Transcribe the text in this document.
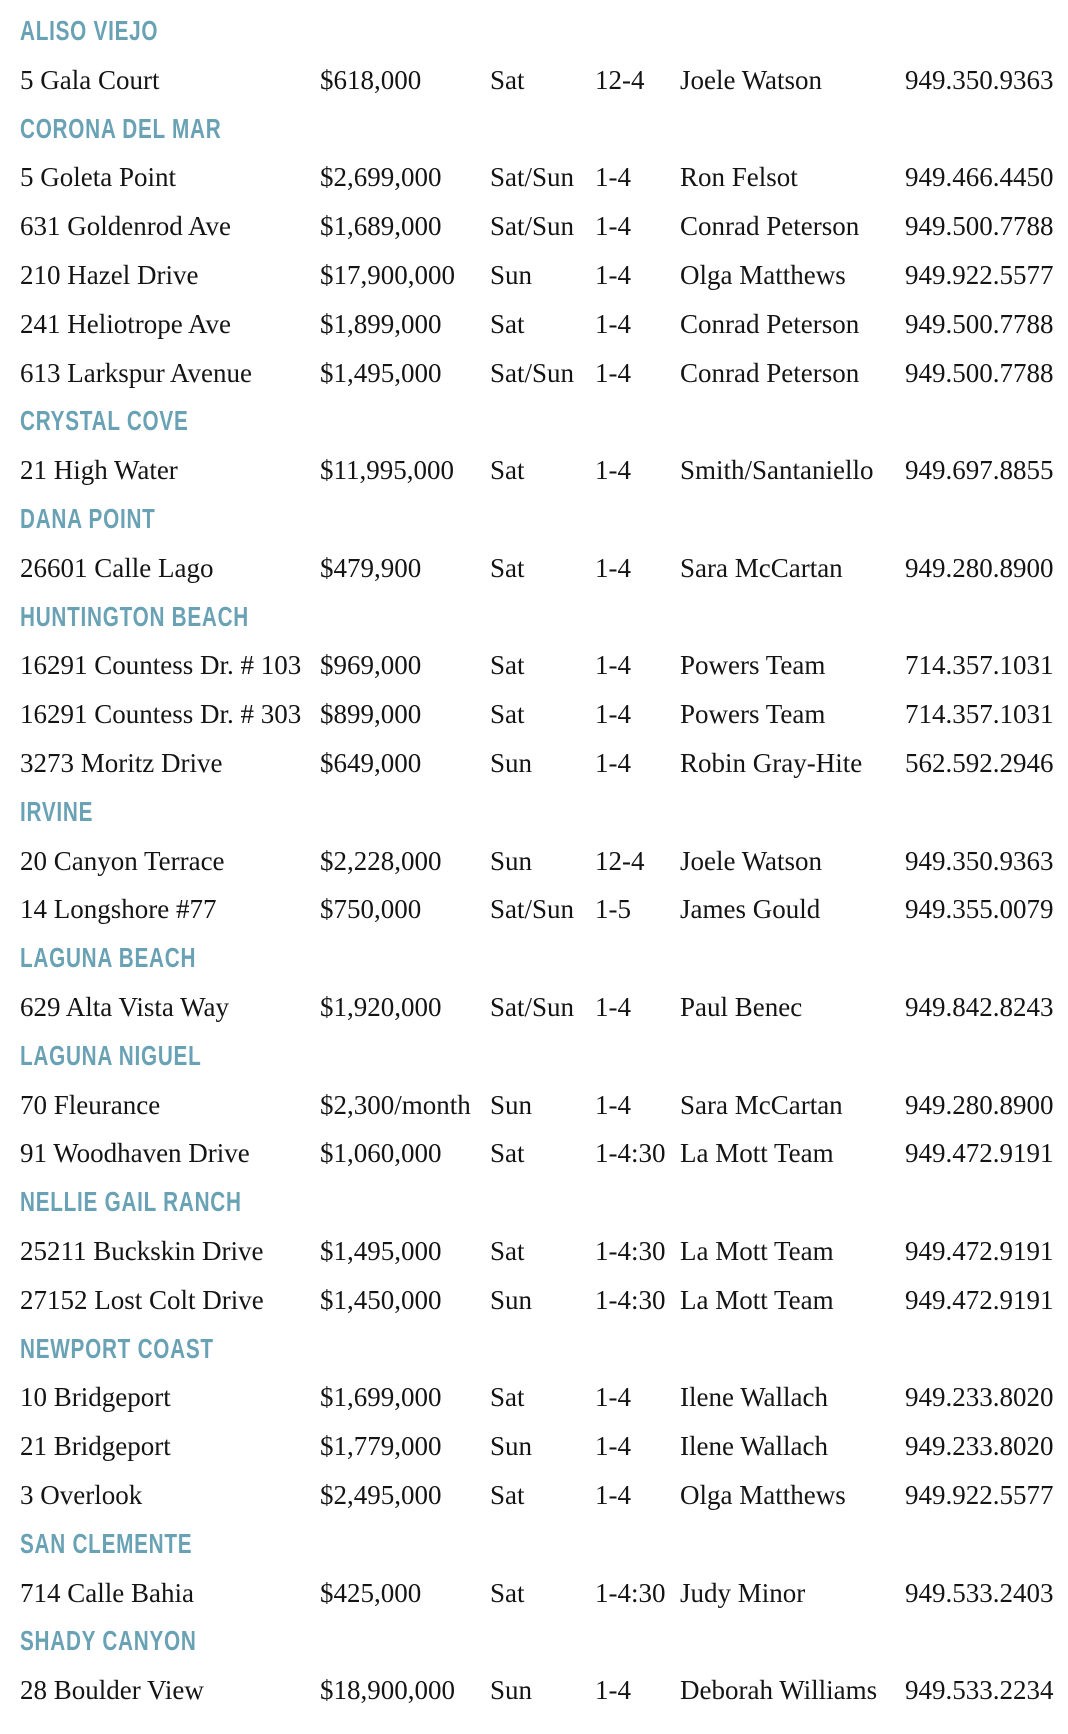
ALISO VIEJO
5 Gala Court	$618,000	Sat	12-4	Joele Watson	949.350.9363
CORONA DEL MAR
5 Goleta Point	$2,699,000	Sat/Sun 1-4	Ron Felsot	949.466.4450
631 Goldenrod Ave	$1,689,000	Sat/Sun 1-4	Conrad Peterson	949.500.7788
210 Hazel Drive	$17,900,000	Sun	1-4	Olga Matthews	949.922.5577
241 Heliotrope Ave	$1,899,000	Sat	1-4	Conrad Peterson	949.500.7788
613 Larkspur Avenue	$1,495,000	Sat/Sun 1-4	Conrad Peterson	949.500.7788
CRYSTAL COVE
21 High Water	$11,995,000	Sat	1-4	Smith/Santaniello	949.697.8855
DANA POINT
26601 Calle Lago	$479,900	Sat	1-4	Sara McCartan	949.280.8900
HUNTINGTON BEACH
16291 Countess Dr. # 103 $969,000	Sat	1-4	Powers Team	714.357.1031
16291 Countess Dr. # 303 $899,000	Sat	1-4	Powers Team	714.357.1031
3273 Moritz Drive	$649,000	Sun	1-4	Robin Gray-Hite	562.592.2946
IRVINE
20 Canyon Terrace	$2,228,000	Sun	12-4	Joele Watson	949.350.9363
14 Longshore #77	$750,000	Sat/Sun 1-5	James Gould	949.355.0079
LAGUNA BEACH
629 Alta Vista Way	$1,920,000	Sat/Sun 1-4	Paul Benec	949.842.8243
LAGUNA NIGUEL
70 Fleurance	$2,300/month Sun	1-4	Sara McCartan	949.280.8900
91 Woodhaven Drive	$1,060,000	Sat	1-4:30 La Mott Team	949.472.9191
NELLIE GAIL RANCH
25211 Buckskin Drive	$1,495,000	Sat	1-4:30 La Mott Team	949.472.9191
27152 Lost Colt Drive	$1,450,000	Sun	1-4:30 La Mott Team	949.472.9191
NEWPORT COAST
10 Bridgeport	$1,699,000	Sat	1-4	Ilene Wallach	949.233.8020
21 Bridgeport	$1,779,000	Sun	1-4	Ilene Wallach	949.233.8020
3 Overlook	$2,495,000	Sat	1-4	Olga Matthews	949.922.5577
SAN CLEMENTE
714 Calle Bahia	$425,000	Sat	1-4:30 Judy Minor	949.533.2403
SHADY CANYON
28 Boulder View	$18,900,000	Sun	1-4	Deborah Williams	949.533.2234
